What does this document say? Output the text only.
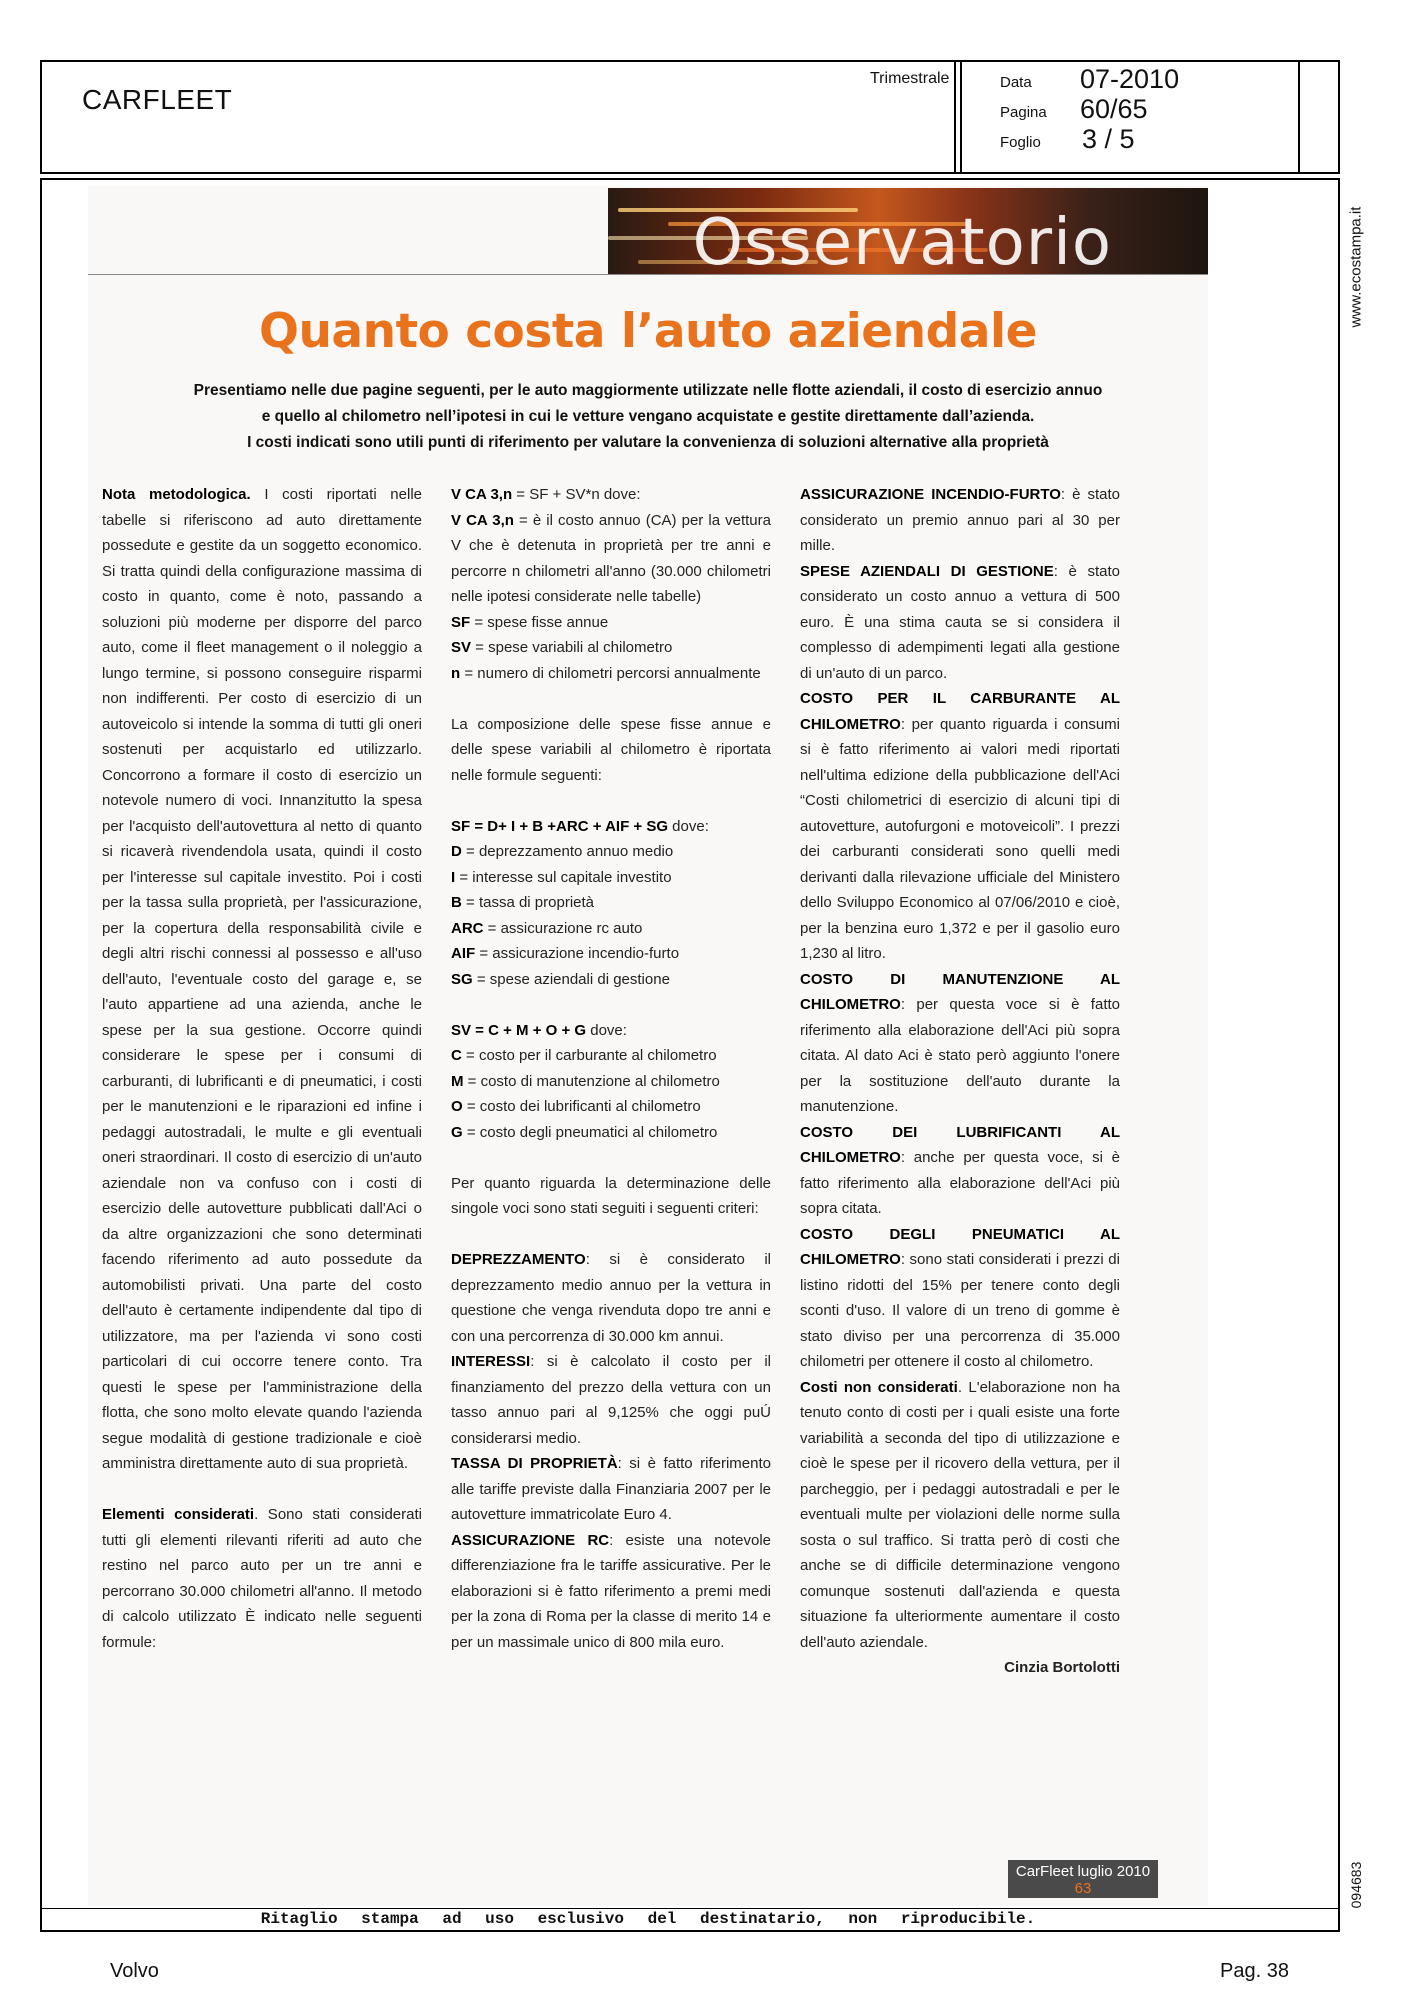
CARFLEET
Trimestrale	Data 07-2010
Pagina 60/65
Foglio 3 / 5
www.ecostampa.it
094683
Osservatorio
Quanto costa l’auto aziendale
Presentiamo nelle due pagine seguenti, per le auto maggiormente utilizzate nelle flotte aziendali, il costo di esercizio annuo
e quello al chilometro nell’ipotesi in cui le vetture vengano acquistate e gestite direttamente dall’azienda.
I costi indicati sono utili punti di riferimento per valutare la convenienza di soluzioni alternative alla proprietà

Nota metodologica. I costi riportati nelle tabelle si riferiscono ad auto direttamente possedute e gestite da un soggetto economico. Si tratta quindi della configurazione massima di costo in quanto, come è noto, passando a soluzioni più moderne per disporre del parco auto, come il fleet management o il noleggio a lungo termine, si possono conseguire risparmi non indifferenti. Per costo di esercizio di un autoveicolo si intende la somma di tutti gli oneri sostenuti per acquistarlo ed utilizzarlo. Concorrono a formare il costo di esercizio un notevole numero di voci. Innanzitutto la spesa per l'acquisto dell'autovettura al netto di quanto si ricaverà rivendendola usata, quindi il costo per l'interesse sul capitale investito. Poi i costi per la tassa sulla proprietà, per l'assicurazione, per la copertura della responsabilità civile e degli altri rischi connessi al possesso e all'uso dell'auto, l'eventuale costo del garage e, se l'auto appartiene ad una azienda, anche le spese per la sua gestione. Occorre quindi considerare le spese per i consumi di carburanti, di lubrificanti e di pneumatici, i costi per le manutenzioni e le riparazioni ed infine i pedaggi autostradali, le multe e gli eventuali oneri straordinari. Il costo di esercizio di un'auto aziendale non va confuso con i costi di esercizio delle autovetture pubblicati dall'Aci o da altre organizzazioni che sono determinati facendo riferimento ad auto possedute da automobilisti privati. Una parte del costo dell'auto è certamente indipendente dal tipo di utilizzatore, ma per l'azienda vi sono costi particolari di cui occorre tenere conto. Tra questi le spese per l'amministrazione della flotta, che sono molto elevate quando l'azienda segue modalità di gestione tradizionale e cioè amministra direttamente auto di sua proprietà.

Elementi considerati. Sono stati considerati tutti gli elementi rilevanti riferiti ad auto che restino nel parco auto per un tre anni e percorrano 30.000 chilometri all'anno. Il metodo di calcolo utilizzato È indicato nelle seguenti formule:

V CA 3,n = SF + SV*n dove:

V CA 3,n = è il costo annuo (CA) per la vettura V che è detenuta in proprietà per tre anni e percorre n chilometri all'anno (30.000 chilometri nelle ipotesi considerate nelle tabelle)

SF = spese fisse annue

SV = spese variabili al chilometro

n = numero di chilometri percorsi annualmente

La composizione delle spese fisse annue e delle spese variabili al chilometro è riportata nelle formule seguenti:

SF = D+ I + B +ARC + AIF + SG dove:

D = deprezzamento annuo medio

I = interesse sul capitale investito

B = tassa di proprietà

ARC = assicurazione rc auto

AIF = assicurazione incendio-furto

SG = spese aziendali di gestione

SV = C + M + O + G dove:

C = costo per il carburante al chilometro

M = costo di manutenzione al chilometro

O = costo dei lubrificanti al chilometro

G = costo degli pneumatici al chilometro

Per quanto riguarda la determinazione delle singole voci sono stati seguiti i seguenti criteri:

DEPREZZAMENTO: si è considerato il deprezzamento medio annuo per la vettura in questione che venga rivenduta dopo tre anni e con una percorrenza di 30.000 km annui.

INTERESSI: si è calcolato il costo per il finanziamento del prezzo della vettura con un tasso annuo pari al 9,125% che oggi puÚ considerarsi medio.

TASSA DI PROPRIETÀ: si è fatto riferimento alle tariffe previste dalla Finanziaria 2007 per le autovetture immatricolate Euro 4.

ASSICURAZIONE RC: esiste una notevole differenziazione fra le tariffe assicurative. Per le elaborazioni si è fatto riferimento a premi medi per la zona di Roma per la classe di merito 14 e per un massimale unico di 800 mila euro.

ASSICURAZIONE INCENDIO-FURTO: è stato considerato un premio annuo pari al 30 per mille.

SPESE AZIENDALI DI GESTIONE: è stato considerato un costo annuo a vettura di 500 euro. È una stima cauta se si considera il complesso di adempimenti legati alla gestione di un'auto di un parco.

COSTO PER IL CARBURANTE AL CHILOMETRO: per quanto riguarda i consumi si è fatto riferimento ai valori medi riportati nell'ultima edizione della pubblicazione dell'Aci “Costi chilometrici di esercizio di alcuni tipi di autovetture, autofurgoni e motoveicoli”. I prezzi dei carburanti considerati sono quelli medi derivanti dalla rilevazione ufficiale del Ministero dello Sviluppo Economico al 07/06/2010 e cioè, per la benzina euro 1,372 e per il gasolio euro 1,230 al litro.

COSTO DI MANUTENZIONE AL CHILOMETRO: per questa voce si è fatto riferimento alla elaborazione dell'Aci più sopra citata. Al dato Aci è stato però aggiunto l'onere per la sostituzione dell'auto durante la manutenzione.

COSTO DEI LUBRIFICANTI AL CHILOMETRO: anche per questa voce, si è fatto riferimento alla elaborazione dell'Aci più sopra citata.

COSTO DEGLI PNEUMATICI AL CHILOMETRO: sono stati considerati i prezzi di listino ridotti del 15% per tenere conto degli sconti d'uso. Il valore di un treno di gomme è stato diviso per una percorrenza di 35.000 chilometri per ottenere il costo al chilometro.

Costi non considerati. L'elaborazione non ha tenuto conto di costi per i quali esiste una forte variabilità a seconda del tipo di utilizzazione e cioè le spese per il ricovero della vettura, per il parcheggio, per i pedaggi autostradali e per le eventuali multe per violazioni delle norme sulla sosta o sul traffico. Si tratta però di costi che anche se di difficile determinazione vengono comunque sostenuti dall'azienda e questa situazione fa ulteriormente aumentare il costo dell'auto aziendale.

Cinzia Bortolotti

CarFleet luglio 2010
63
Ritaglio stampa ad uso esclusivo del destinatario, non riproducibile.
Volvo	Pag. 38
